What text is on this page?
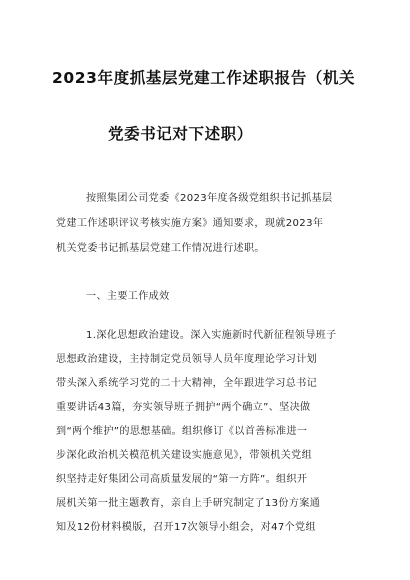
2023年度抓基层党建工作述职报告（机关
党委书记对下述职）
按照集团公司党委《2023年度各级党组织书记抓基层
党建工作述职评议考核实施方案》通知要求，现就2023年
机关党委书记抓基层党建工作情况进行述职。
一、主要工作成效
1.深化思想政治建设。深入实施新时代新征程领导班子
思想政治建设，主持制定党员领导人员年度理论学习计划
带头深入系统学习党的二十大精神，全年跟进学习总书记
重要讲话43篇，夯实领导班子拥护“两个确立”、坚决做
到“两个维护”的思想基础。组织修订《以首善标准进一
步深化政治机关模范机关建设实施意见》，带领机关党组
织坚持走好集团公司高质量发展的“第一方阵”。组织开
展机关第一批主题教育，亲自上手研究制定了13份方案通
知及12份材料模版，召开17次领导小组会，对47个党组
